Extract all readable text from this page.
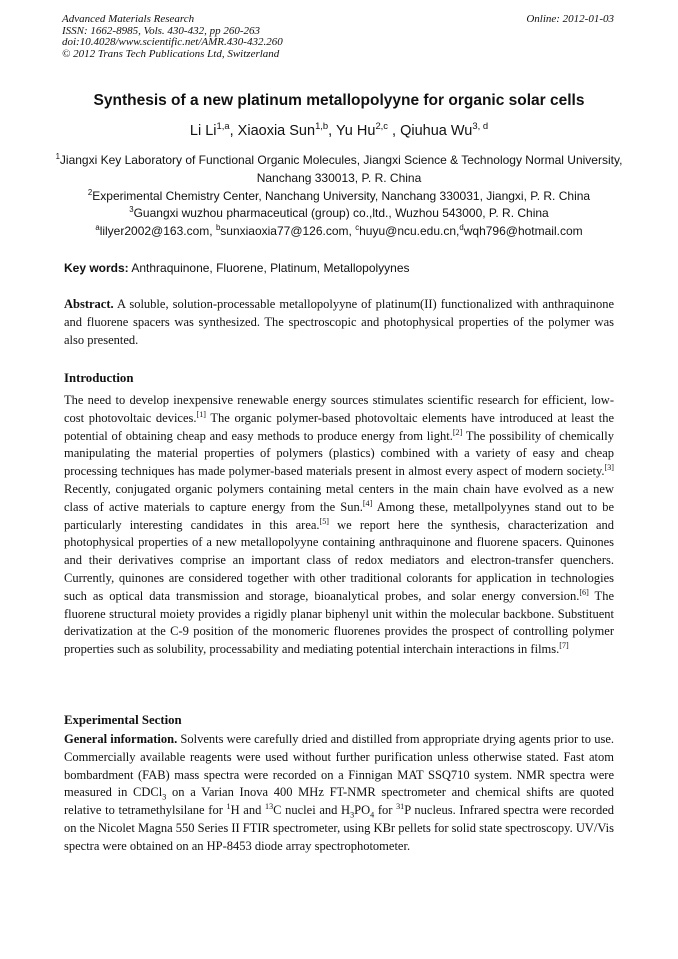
Advanced Materials Research
ISSN: 1662-8985, Vols. 430-432, pp 260-263
doi:10.4028/www.scientific.net/AMR.430-432.260
© 2012 Trans Tech Publications Ltd, Switzerland
Online: 2012-01-03
Synthesis of a new platinum metallopolyyne for organic solar cells
Li Li$^{1,a}$, Xiaoxia Sun$^{1,b}$, Yu Hu$^{2,c}$ , Qiuhua Wu$^{3, d}$
$^1$Jiangxi Key Laboratory of Functional Organic Molecules, Jiangxi Science & Technology Normal University, Nanchang 330013, P. R. China
$^2$Experimental Chemistry Center, Nanchang University, Nanchang 330031, Jiangxi, P. R. China
$^3$Guangxi wuzhou pharmaceutical (group) co.,ltd., Wuzhou 543000, P. R. China
$^a$lilyer2002@163.com, $^b$sunxiaoxia77@126.com, $^c$huyu@ncu.edu.cn,$^d$wqh796@hotmail.com
Key words: Anthraquinone, Fluorene, Platinum, Metallopolyynes
Abstract. A soluble, solution-processable metallopolyyne of platinum(II) functionalized with anthraquinone and fluorene spacers was synthesized. The spectroscopic and photophysical properties of the polymer was also presented.
Introduction
The need to develop inexpensive renewable energy sources stimulates scientific research for efficient, low-cost photovoltaic devices.[1] The organic polymer-based photovoltaic elements have introduced at least the potential of obtaining cheap and easy methods to produce energy from light.[2] The possibility of chemically manipulating the material properties of polymers (plastics) combined with a variety of easy and cheap processing techniques has made polymer-based materials present in almost every aspect of modern society.[3] Recently, conjugated organic polymers containing metal centers in the main chain have evolved as a new class of active materials to capture energy from the Sun.[4] Among these, metallpolyynes stand out to be particularly interesting candidates in this area.[5] we report here the synthesis, characterization and photophysical properties of a new metallopolyyne containing anthraquinone and fluorene spacers. Quinones and their derivatives comprise an important class of redox mediators and electron-transfer quenchers. Currently, quinones are considered together with other traditional colorants for application in technologies such as optical data transmission and storage, bioanalytical probes, and solar energy conversion.[6] The fluorene structural moiety provides a rigidly planar biphenyl unit within the molecular backbone. Substituent derivatization at the C-9 position of the monomeric fluorenes provides the prospect of controlling polymer properties such as solubility, processability and mediating potential interchain interactions in films.[7]
Experimental Section
General information. Solvents were carefully dried and distilled from appropriate drying agents prior to use. Commercially available reagents were used without further purification unless otherwise stated. Fast atom bombardment (FAB) mass spectra were recorded on a Finnigan MAT SSQ710 system. NMR spectra were measured in CDCl$_3$ on a Varian Inova 400 MHz FT-NMR spectrometer and chemical shifts are quoted relative to tetramethylsilane for $^1$H and $^{13}$C nuclei and $H_3PO_4$ for $^{31}$P nucleus. Infrared spectra were recorded on the Nicolet Magna 550 Series II FTIR spectrometer, using KBr pellets for solid state spectroscopy. UV/Vis spectra were obtained on an HP-8453 diode array spectrophotometer.
